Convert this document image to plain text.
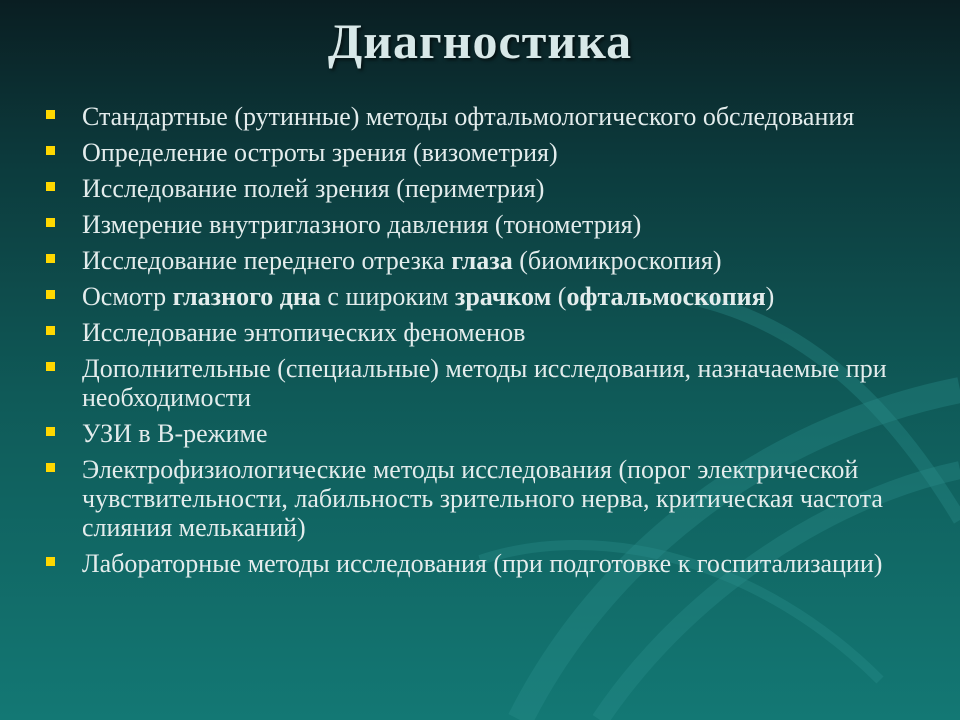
Диагностика
Стандартные (рутинные) методы офтальмологического обследования
Определение остроты зрения (визометрия)
Исследование полей зрения (периметрия)
Измерение внутриглазного давления (тонометрия)
Исследование переднего отрезка глаза (биомикроскопия)
Осмотр глазного дна с широким зрачком (офтальмоскопия)
Исследование энтопических феноменов
Дополнительные (специальные) методы исследования, назначаемые при необходимости
УЗИ в В-режиме
Электрофизиологические методы исследования (порог электрической чувствительности, лабильность зрительного нерва, критическая частота слияния мельканий)
Лабораторные методы исследования (при подготовке к госпитализации)
